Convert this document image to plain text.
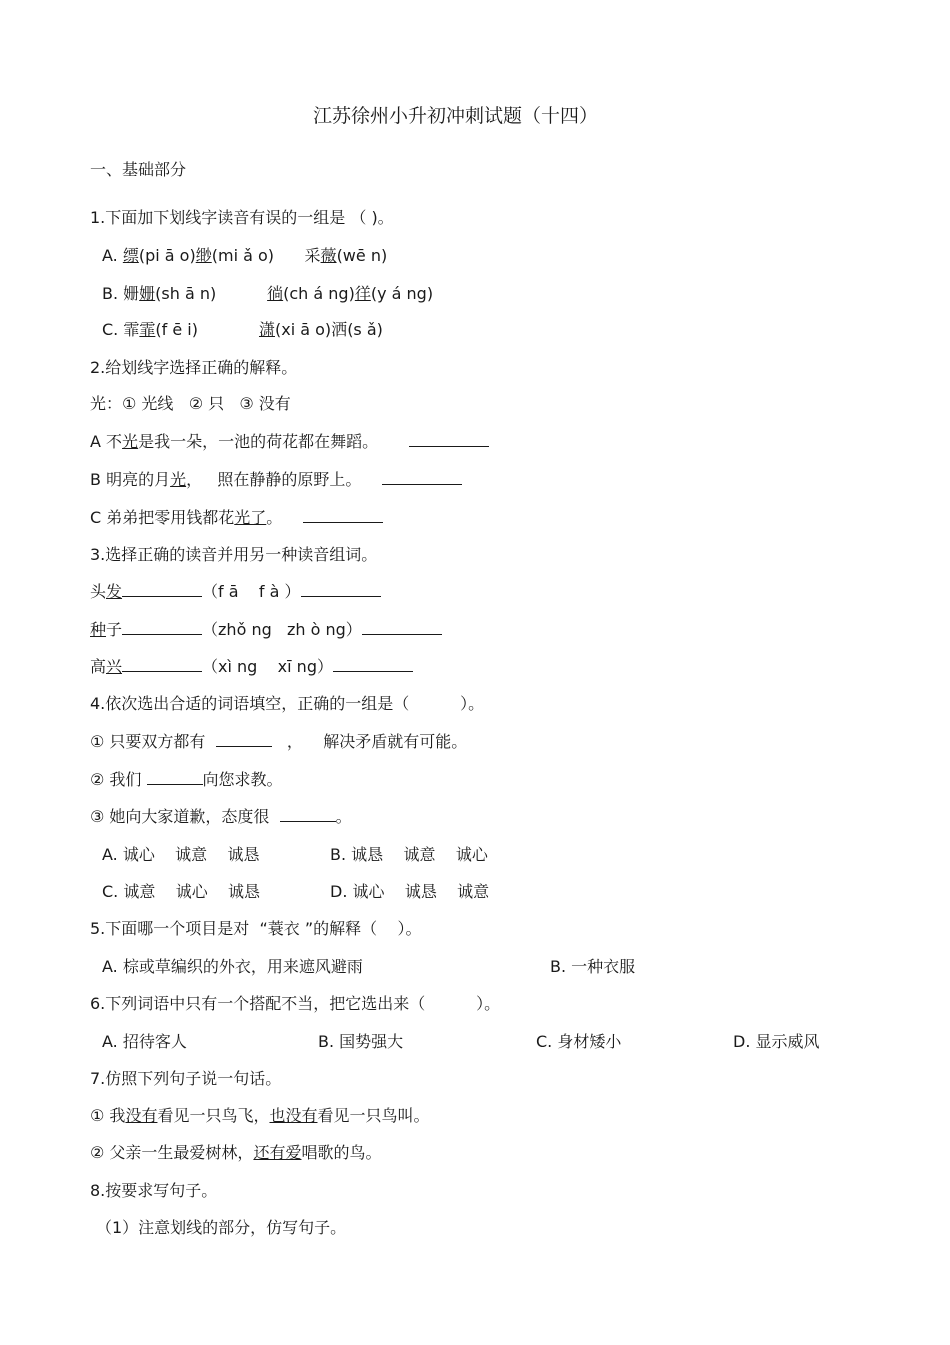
江苏徐州小升初冲刺试题（十四）
一、基础部分
1.下面加下划线字读音有误的一组是 （ )。
A. 缥(pi ā o)缈(mi ǎ o) 采薇(wē n)
B. 姗姗(sh ā n)	徜(ch á ng)徉(y á ng)
C. 霏霏(f ē i)	潇(xi ā o)洒(s ǎ)
2.给划线字选择正确的解释。
光：① 光线   ② 只   ③ 没有
A 不光是我一朵，一池的荷花都在舞蹈。
B 明亮的月光，   照在静静的原野上。
C 弟弟把零用钱都花光了。
3.选择正确的读音并用另一种读音组词。
头发	（f ā    f à ）
种子	（zhǒ ng   zh ò ng）
高兴	（xì ng    xī ng）
4.依次选出合适的词语填空，正确的一组是（          ）。
① 只要双方都有	，    解决矛盾就有可能。
② 我们	向您求教。
③ 她向大家道歉，态度很	。
A. 诚心    诚意    诚恳	B. 诚恳    诚意    诚心
C. 诚意    诚心    诚恳	D. 诚心    诚恳    诚意
5.下面哪一个项目是对  “蓑衣 ”的解释（    ）。
A. 棕或草编织的外衣，用来遮风避雨	B. 一种衣服
6.下列词语中只有一个搭配不当，把它选出来（          ）。
A. 招待客人	B. 国势强大	C. 身材矮小	D. 显示威风
7.仿照下列句子说一句话。
① 我没有看见一只鸟飞，也没有看见一只鸟叫。
② 父亲一生最爱树林，还有爱唱歌的鸟。
8.按要求写句子。
（1）注意划线的部分，仿写句子。
